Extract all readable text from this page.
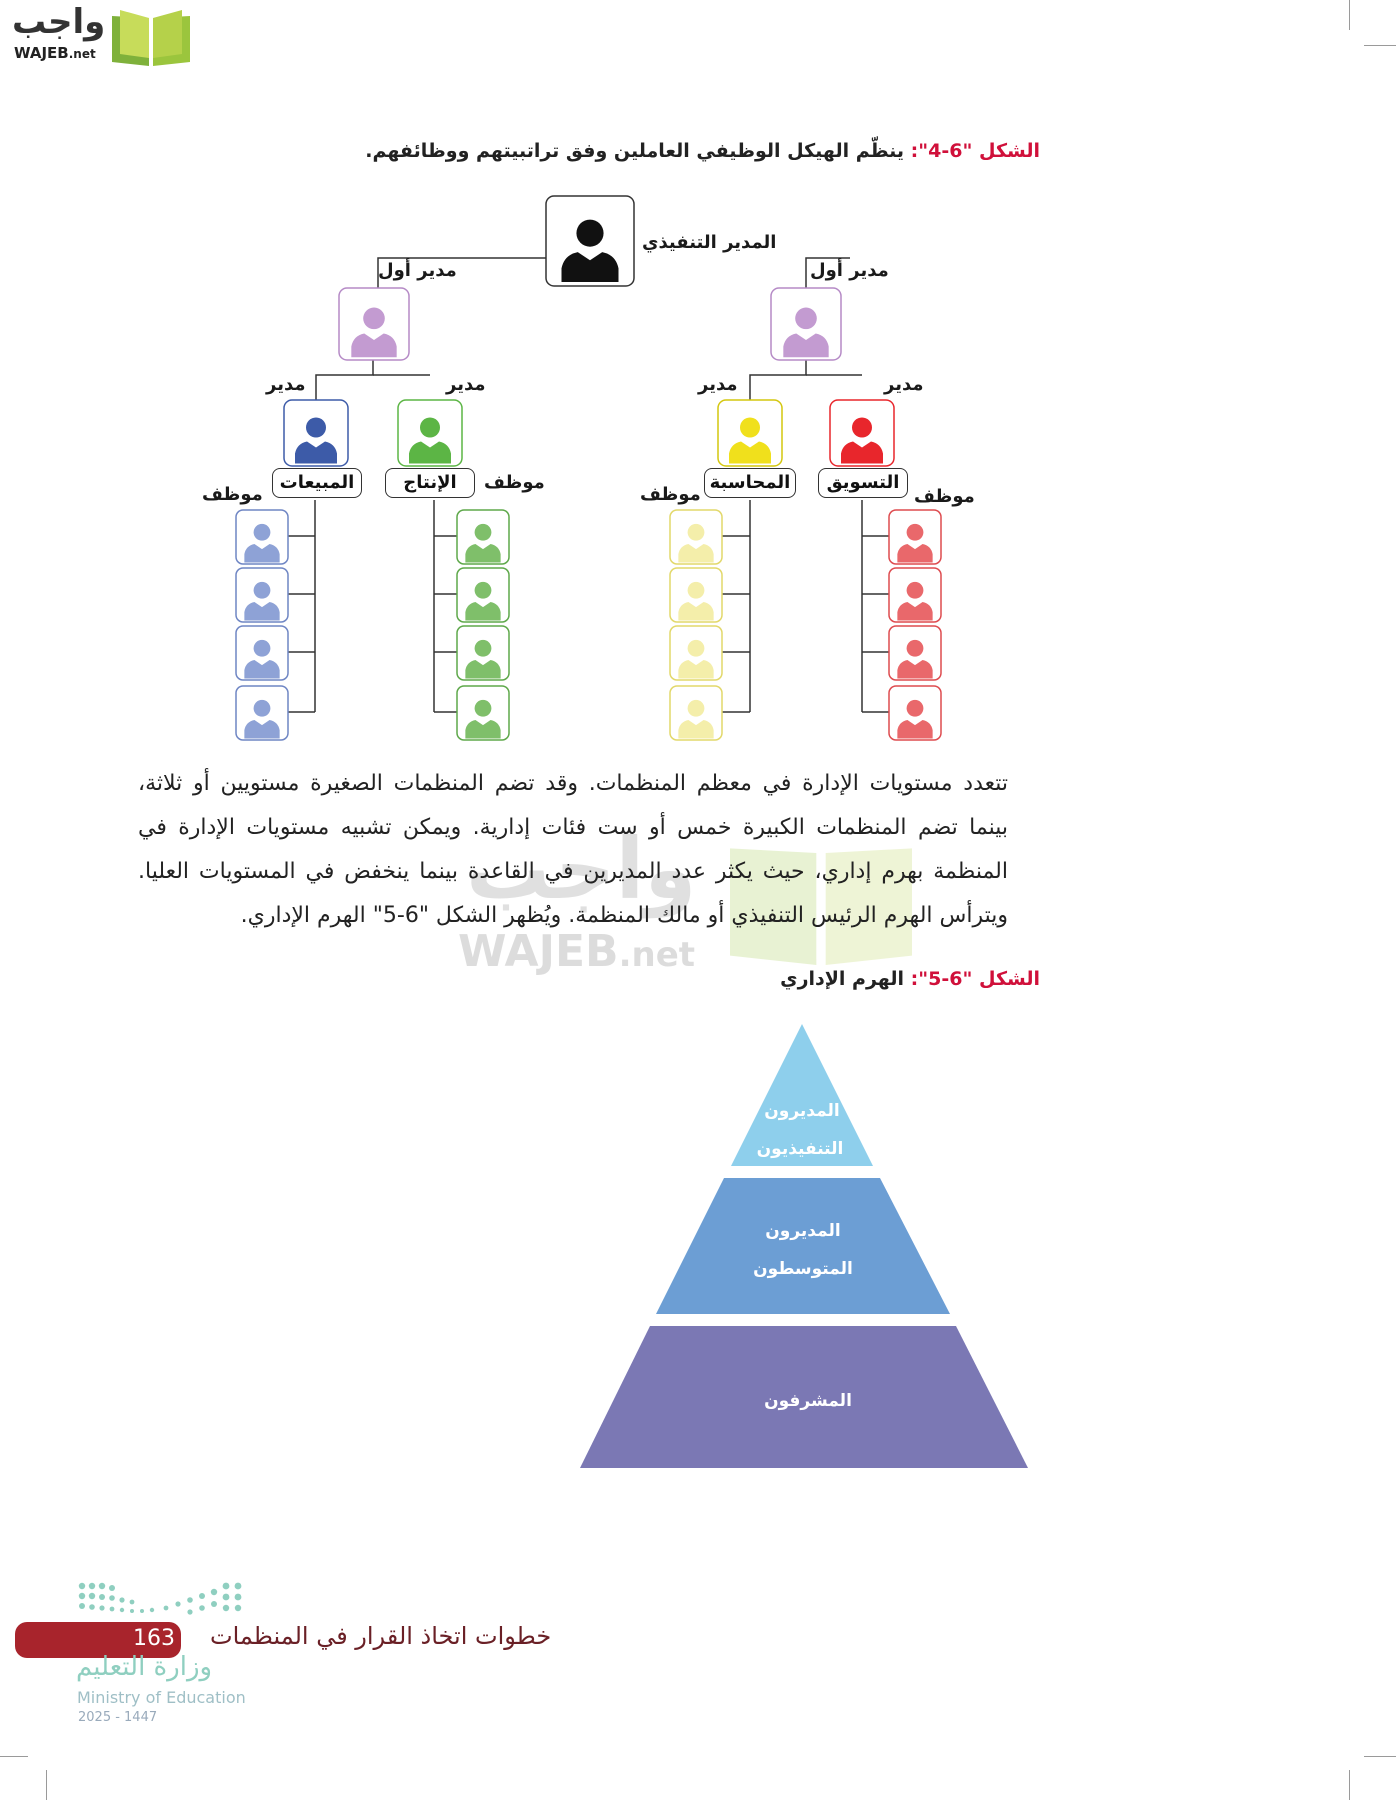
واجب
WAJEB.net
الشكل "6-4": ينظّم الهيكل الوظيفي العاملين وفق تراتبيتهم ووظائفهم.
المدير التنفيذي
مدير أول	مدير أول
مدير	مدير	مدير	مدير
المبيعات	الإنتاج	المحاسبة	التسويق
موظف
موظف
موظف	موظف
واجب
WAJEB.net
تتعدد مستويات الإدارة في معظم المنظمات. وقد تضم المنظمات الصغيرة مستويين أو ثلاثة، بينما تضم المنظمات الكبيرة خمس أو ست فئات إدارية. ويمكن تشبيه مستويات الإدارة في المنظمة بهرم إداري، حيث يكثر عدد المديرين في القاعدة بينما ينخفض في المستويات العليا. ويترأس الهرم الرئيس التنفيذي أو مالك المنظمة. ويُظهر الشكل "6-5" الهرم الإداري.
الشكل "6-5": الهرم الإداري
المديرون
التنفيذيون
المديرون
المتوسطون
المشرفون
163 خطوات اتخاذ القرار في المنظمات
وزارة التعليم
Ministry of Education
2025 - 1447
